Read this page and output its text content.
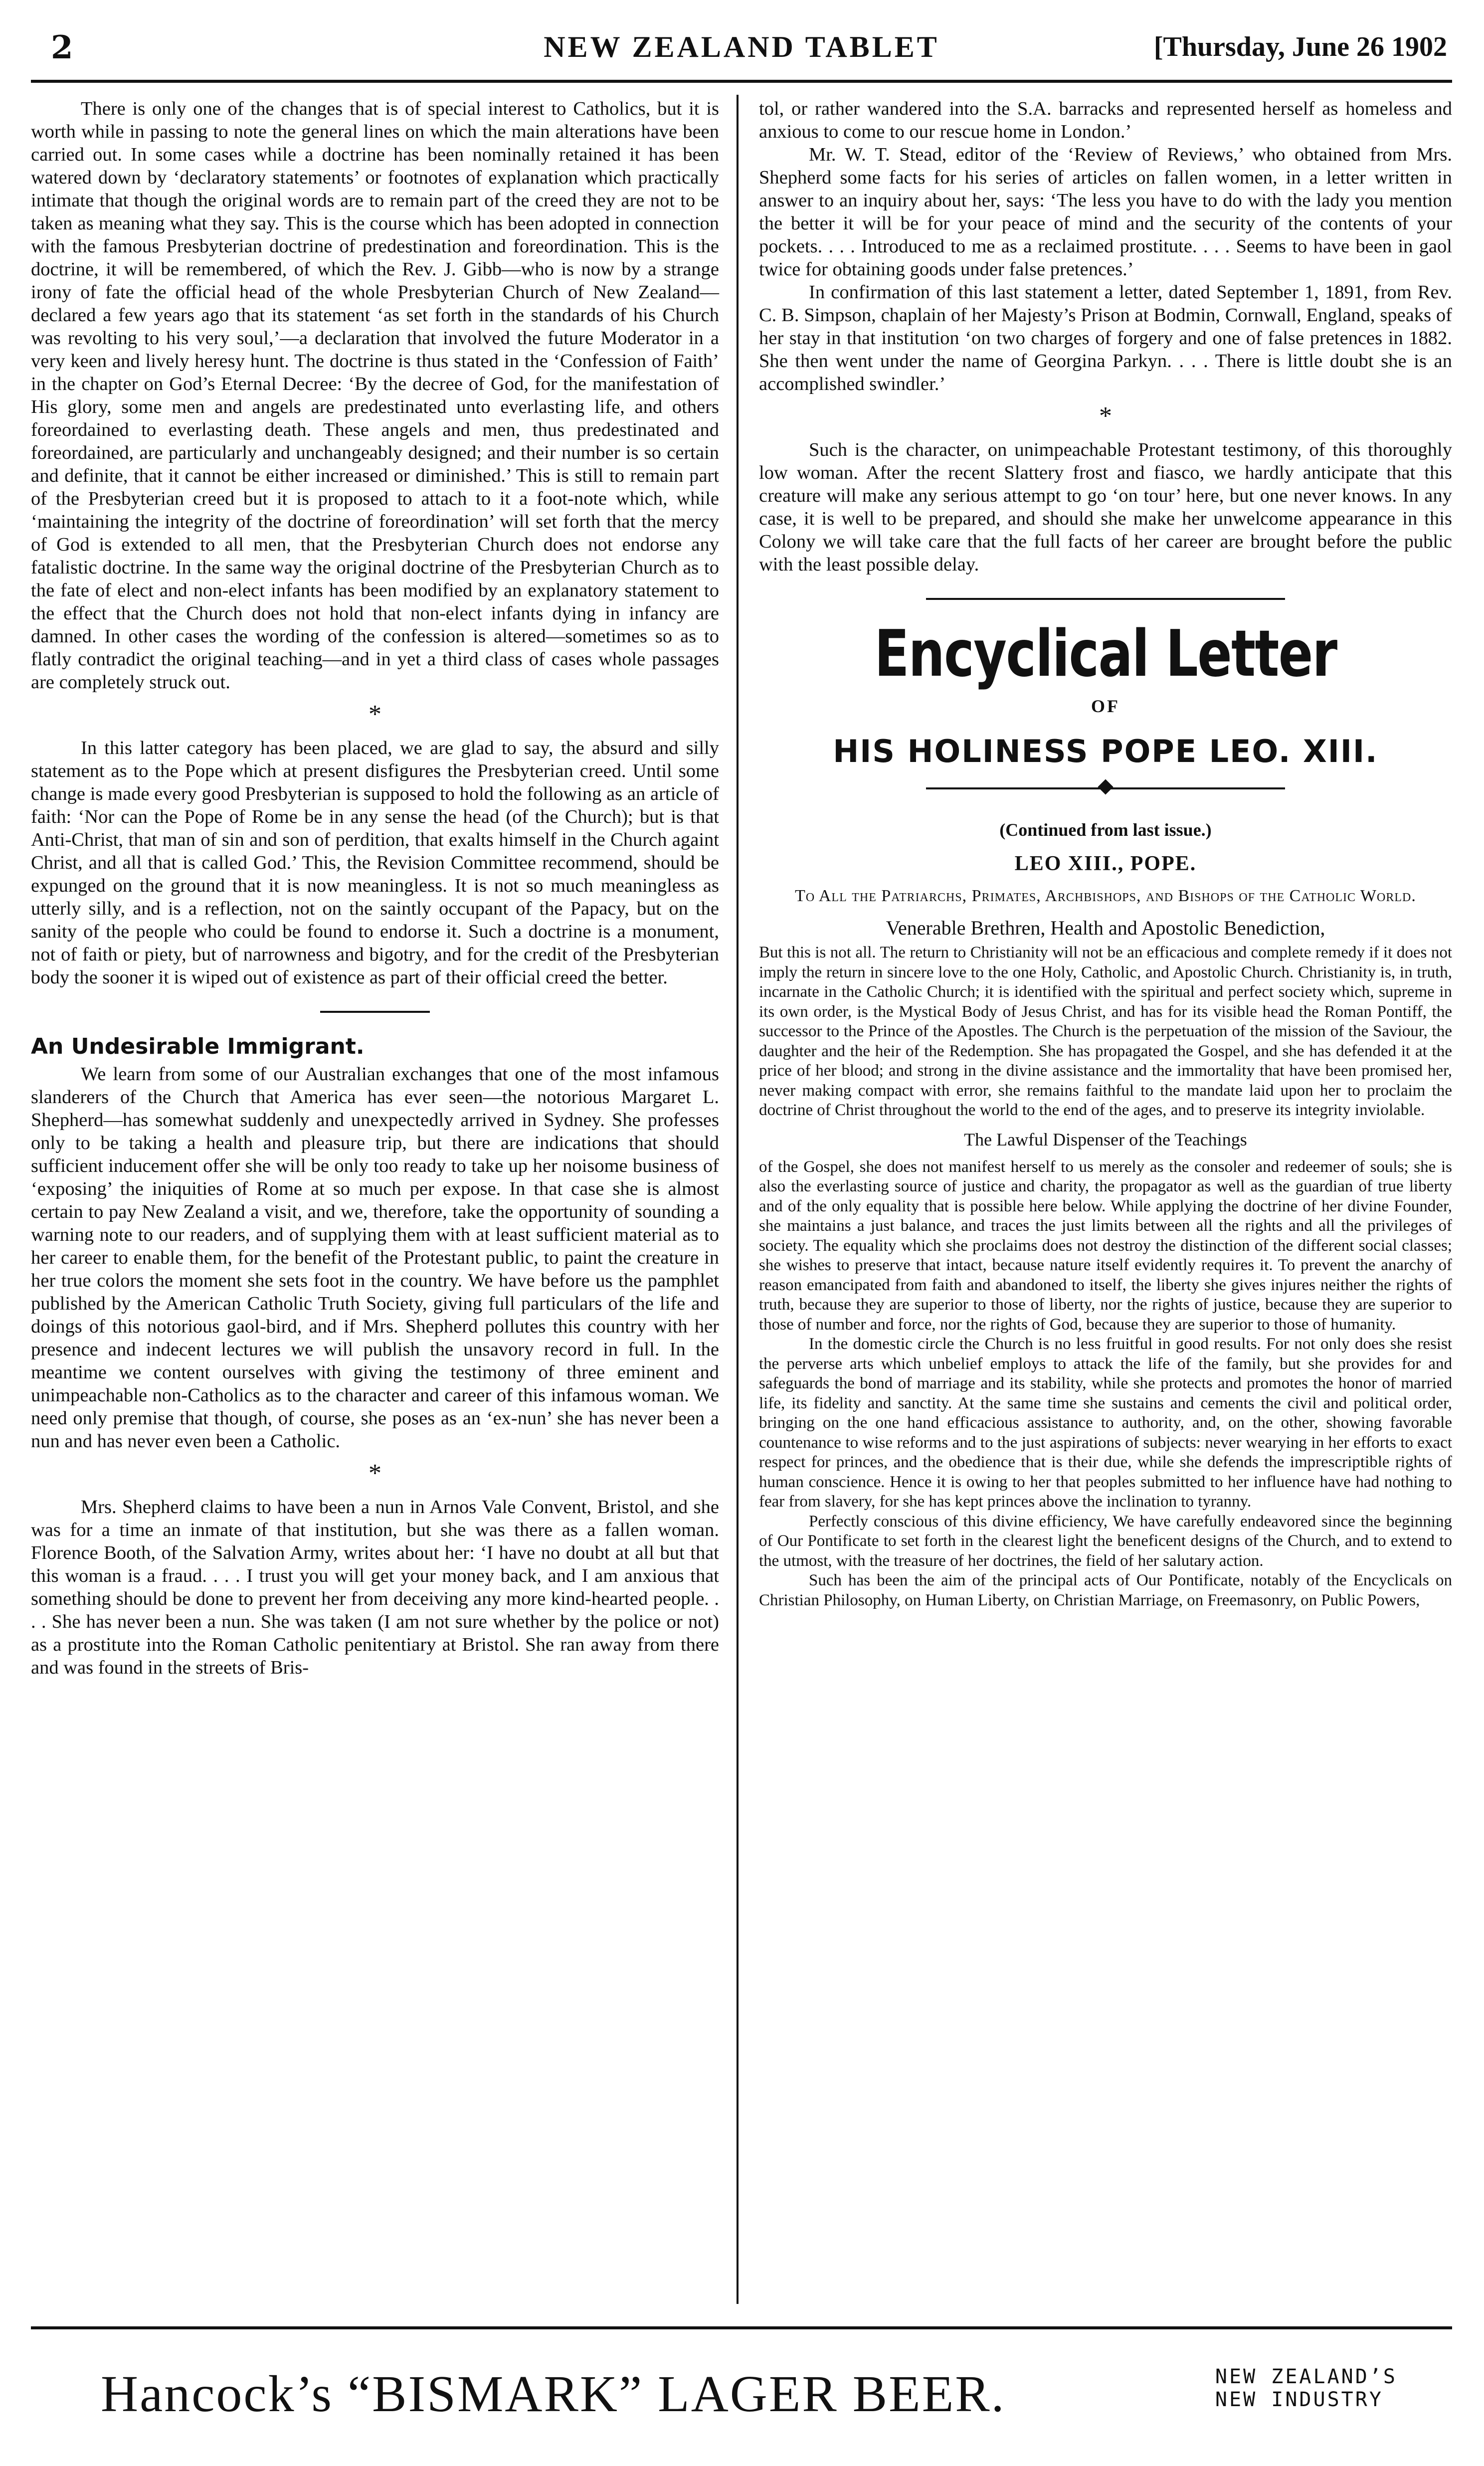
2	NEW ZEALAND TABLET	[Thursday, June 26 1902

There is only one of the changes that is of special interest to Catholics, but it is worth while in passing to note the general lines on which the main alterations have been carried out. In some cases while a doctrine has been nominally retained it has been watered down by ‘declaratory statements’ or footnotes of explanation which practically intimate that though the original words are to remain part of the creed they are not to be taken as meaning what they say. This is the course which has been adopted in connection with the famous Presbyterian doctrine of predestination and foreordination. This is the doctrine, it will be remembered, of which the Rev. J. Gibb—who is now by a strange irony of fate the official head of the whole Presbyterian Church of New Zealand—declared a few years ago that its statement ‘as set forth in the standards of his Church was revolting to his very soul,’—a declaration that involved the future Moderator in a very keen and lively heresy hunt. The doctrine is thus stated in the ‘Confession of Faith’ in the chapter on God’s Eternal Decree: ‘By the decree of God, for the manifestation of His glory, some men and angels are predestinated unto everlasting life, and others foreordained to everlasting death. These angels and men, thus predestinated and foreordained, are particularly and unchangeably designed; and their number is so certain and definite, that it cannot be either increased or diminished.’ This is still to remain part of the Presbyterian creed but it is proposed to attach to it a foot-note which, while ‘maintaining the integrity of the doctrine of foreordination’ will set forth that the mercy of God is extended to all men, that the Presbyterian Church does not endorse any fatalistic doctrine. In the same way the original doctrine of the Presbyterian Church as to the fate of elect and non-elect infants has been modified by an explanatory statement to the effect that the Church does not hold that non-elect infants dying in infancy are damned. In other cases the wording of the confession is altered—sometimes so as to flatly contradict the original teaching—and in yet a third class of cases whole passages are completely struck out.

*

In this latter category has been placed, we are glad to say, the absurd and silly statement as to the Pope which at present disfigures the Presbyterian creed. Until some change is made every good Presbyterian is supposed to hold the following as an article of faith: ‘Nor can the Pope of Rome be in any sense the head (of the Church); but is that Anti-Christ, that man of sin and son of perdition, that exalts himself in the Church againt Christ, and all that is called God.’ This, the Revision Committee recommend, should be expunged on the ground that it is now meaningless. It is not so much meaningless as utterly silly, and is a reflection, not on the saintly occupant of the Papacy, but on the sanity of the people who could be found to endorse it. Such a doctrine is a monument, not of faith or piety, but of narrowness and bigotry, and for the credit of the Presbyterian body the sooner it is wiped out of existence as part of their official creed the better.

An Undesirable Immigrant.

We learn from some of our Australian exchanges that one of the most infamous slanderers of the Church that America has ever seen—the notorious Margaret L. Shepherd—has somewhat suddenly and unexpectedly arrived in Sydney. She professes only to be taking a health and pleasure trip, but there are indications that should sufficient inducement offer she will be only too ready to take up her noisome business of ‘exposing’ the iniquities of Rome at so much per expose. In that case she is almost certain to pay New Zealand a visit, and we, therefore, take the opportunity of sounding a warning note to our readers, and of supplying them with at least sufficient material as to her career to enable them, for the benefit of the Protestant public, to paint the creature in her true colors the moment she sets foot in the country. We have before us the pamphlet published by the American Catholic Truth Society, giving full particulars of the life and doings of this notorious gaol-bird, and if Mrs. Shepherd pollutes this country with her presence and indecent lectures we will publish the unsavory record in full. In the meantime we content ourselves with giving the testimony of three eminent and unimpeachable non-Catholics as to the character and career of this infamous woman. We need only premise that though, of course, she poses as an ‘ex-nun’ she has never been a nun and has never even been a Catholic.

*

Mrs. Shepherd claims to have been a nun in Arnos Vale Convent, Bristol, and she was for a time an inmate of that institution, but she was there as a fallen woman. Florence Booth, of the Salvation Army, writes about her: ‘I have no doubt at all but that this woman is a fraud. . . . I trust you will get your money back, and I am anxious that something should be done to prevent her from deceiving any more kind-hearted people. . . . She has never been a nun. She was taken (I am not sure whether by the police or not) as a prostitute into the Roman Catholic penitentiary at Bristol. She ran away from there and was found in the streets of Bris-

tol, or rather wandered into the S.A. barracks and represented herself as homeless and anxious to come to our rescue home in London.’

Mr. W. T. Stead, editor of the ‘Review of Reviews,’ who obtained from Mrs. Shepherd some facts for his series of articles on fallen women, in a letter written in answer to an inquiry about her, says: ‘The less you have to do with the lady you mention the better it will be for your peace of mind and the security of the contents of your pockets. . . . Introduced to me as a reclaimed prostitute. . . . Seems to have been in gaol twice for obtaining goods under false pretences.’

In confirmation of this last statement a letter, dated September 1, 1891, from Rev. C. B. Simpson, chaplain of her Majesty’s Prison at Bodmin, Cornwall, England, speaks of her stay in that institution ‘on two charges of forgery and one of false pretences in 1882. She then went under the name of Georgina Parkyn. . . . There is little doubt she is an accomplished swindler.’

*

Such is the character, on unimpeachable Protestant testimony, of this thoroughly low woman. After the recent Slattery frost and fiasco, we hardly anticipate that this creature will make any serious attempt to go ‘on tour’ here, but one never knows. In any case, it is well to be prepared, and should she make her unwelcome appearance in this Colony we will take care that the full facts of her career are brought before the public with the least possible delay.

Encyclical Letter
OF
HIS HOLINESS POPE LEO. XIII.
(Continued from last issue.)
LEO XIII., POPE.
To All the Patriarchs, Primates, Archbishops, and Bishops of the Catholic World.
Venerable Brethren, Health and Apostolic Benediction,

But this is not all. The return to Christianity will not be an efficacious and complete remedy if it does not imply the return in sincere love to the one Holy, Catholic, and Apostolic Church. Christianity is, in truth, incarnate in the Catholic Church; it is identified with the spiritual and perfect society which, supreme in its own order, is the Mystical Body of Jesus Christ, and has for its visible head the Roman Pontiff, the successor to the Prince of the Apostles. The Church is the perpetuation of the mission of the Saviour, the daughter and the heir of the Redemption. She has propagated the Gospel, and she has defended it at the price of her blood; and strong in the divine assistance and the immortality that have been promised her, never making compact with error, she remains faithful to the mandate laid upon her to proclaim the doctrine of Christ throughout the world to the end of the ages, and to preserve its integrity inviolable.

The Lawful Dispenser of the Teachings

of the Gospel, she does not manifest herself to us merely as the consoler and redeemer of souls; she is also the everlasting source of justice and charity, the propagator as well as the guardian of true liberty and of the only equality that is possible here below. While applying the doctrine of her divine Founder, she maintains a just balance, and traces the just limits between all the rights and all the privileges of society. The equality which she proclaims does not destroy the distinction of the different social classes; she wishes to preserve that intact, because nature itself evidently requires it. To prevent the anarchy of reason emancipated from faith and abandoned to itself, the liberty she gives injures neither the rights of truth, because they are superior to those of liberty, nor the rights of justice, because they are superior to those of number and force, nor the rights of God, because they are superior to those of humanity.

In the domestic circle the Church is no less fruitful in good results. For not only does she resist the perverse arts which unbelief employs to attack the life of the family, but she provides for and safeguards the bond of marriage and its stability, while she protects and promotes the honor of married life, its fidelity and sanctity. At the same time she sustains and cements the civil and political order, bringing on the one hand efficacious assistance to authority, and, on the other, showing favorable countenance to wise reforms and to the just aspirations of subjects: never wearying in her efforts to exact respect for princes, and the obedience that is their due, while she defends the imprescriptible rights of human conscience. Hence it is owing to her that peoples submitted to her influence have had nothing to fear from slavery, for she has kept princes above the inclination to tyranny.

Perfectly conscious of this divine efficiency, We have carefully endeavored since the beginning of Our Pontificate to set forth in the clearest light the beneficent designs of the Church, and to extend to the utmost, with the treasure of her doctrines, the field of her salutary action.

Such has been the aim of the principal acts of Our Pontificate, notably of the Encyclicals on Christian Philosophy, on Human Liberty, on Christian Marriage, on Freemasonry, on Public Powers,

Hancock’s “BISMARK” LAGER BEER.	NEW ZEALAND’S
NEW INDUSTRY
